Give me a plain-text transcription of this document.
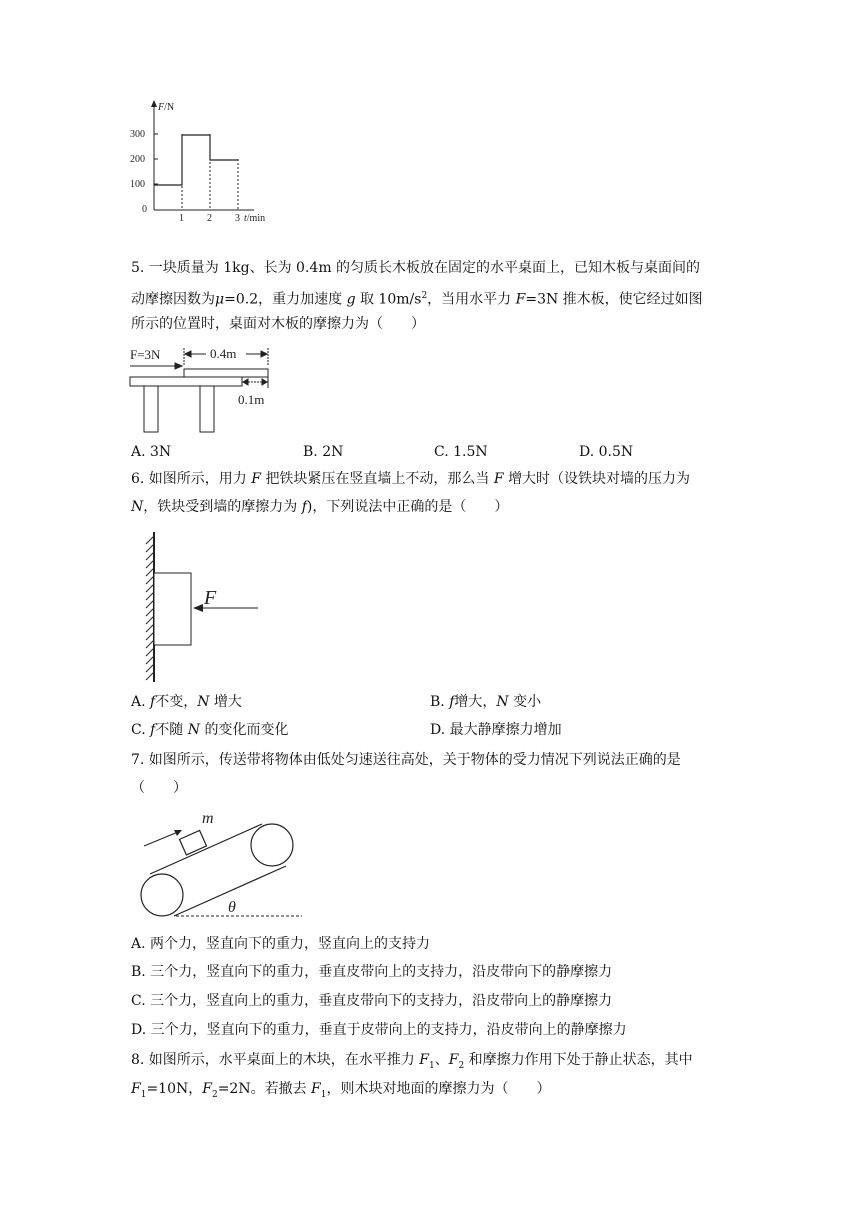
F/N
300
200
100
0
1 2 3 t/min
5. 一块质量为 1kg、长为 0.4m 的匀质长木板放在固定的水平桌面上，已知木板与桌面间的
动摩擦因数为μ=0.2，重力加速度 g 取 $10m/s^2$，当用水平力 F=3N 推木板，使它经过如图
所示的位置时，桌面对木板的摩擦力为（　　）
F=3N	0.4m
0.1m
A. 3N	B. 2N	C. 1.5N	D. 0.5N
6. 如图所示，用力 F 把铁块紧压在竖直墙上不动，那么当 F 增大时（设铁块对墙的压力为
N，铁块受到墙的摩擦力为 f)，下列说法中正确的是（　　）
F
A. f不变，N 增大	B. f增大，N 变小
C. f不随 N 的变化而变化	D. 最大静摩擦力增加
7. 如图所示，传送带将物体由低处匀速送往高处，关于物体的受力情况下列说法正确的是
（　　）
m
θ
A. 两个力，竖直向下的重力，竖直向上的支持力
B. 三个力，竖直向下的重力，垂直皮带向上的支持力，沿皮带向下的静摩擦力
C. 三个力，竖直向上的重力，垂直皮带向下的支持力，沿皮带向上的静摩擦力
D. 三个力，竖直向下的重力，垂直于皮带向上的支持力，沿皮带向上的静摩擦力
8. 如图所示，水平桌面上的木块，在水平推力 $F_1$、$F_2$ 和摩擦力作用下处于静止状态，其中
$F_1=10N$，$F_2=2N$。若撤去 $F_1$，则木块对地面的摩擦力为（　　）
